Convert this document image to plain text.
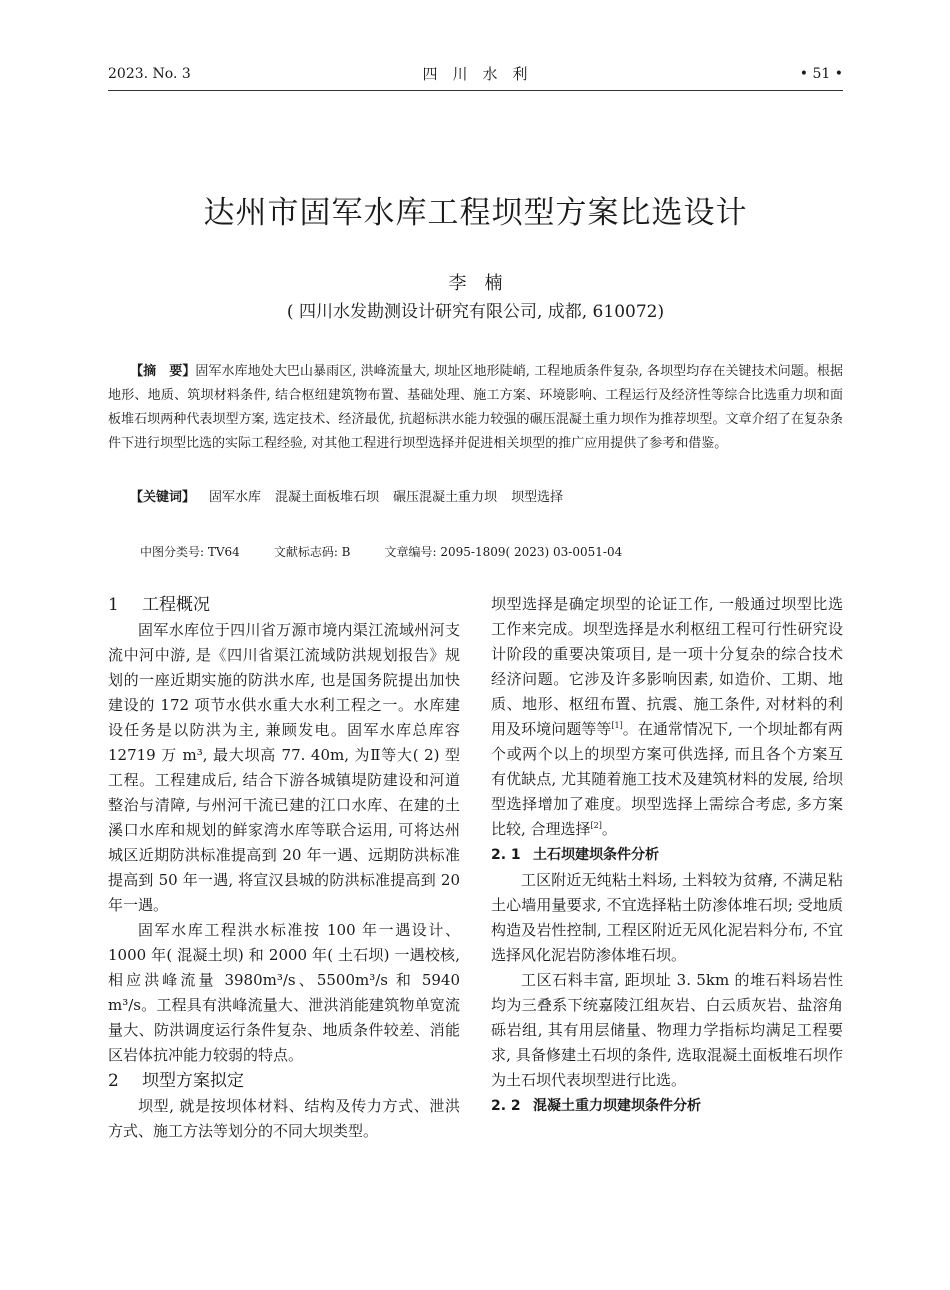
2023. No. 3	四　川　水　利	• 51 •
达州市固军水库工程坝型方案比选设计
李　楠
( 四川水发勘测设计研究有限公司, 成都, 610072)
【摘　要】固军水库地处大巴山暴雨区, 洪峰流量大, 坝址区地形陡峭, 工程地质条件复杂, 各坝型均存在关键技术问题。根据地形、地质、筑坝材料条件, 结合枢纽建筑物布置、基础处理、施工方案、环境影响、工程运行及经济性等综合比选重力坝和面板堆石坝两种代表坝型方案, 选定技术、经济最优, 抗超标洪水能力较强的碾压混凝土重力坝作为推荐坝型。文章介绍了在复杂条件下进行坝型比选的实际工程经验, 对其他工程进行坝型选择并促进相关坝型的推广应用提供了参考和借鉴。
【关键词】 固军水库 混凝土面板堆石坝 碾压混凝土重力坝 坝型选择
中图分类号: TV64	文献标志码: B	文章编号: 2095-1809( 2023) 03-0051-04
1 工程概况

固军水库位于四川省万源市境内渠江流域州河支流中河中游, 是《四川省渠江流域防洪规划报告》规划的一座近期实施的防洪水库, 也是国务院提出加快建设的 172 项节水供水重大水利工程之一。水库建设任务是以防洪为主, 兼顾发电。固军水库总库容 12719 万 m³, 最大坝高 77. 40m, 为Ⅱ等大( 2) 型工程。工程建成后, 结合下游各城镇堤防建设和河道整治与清障, 与州河干流已建的江口水库、在建的土溪口水库和规划的鲜家湾水库等联合运用, 可将达州城区近期防洪标准提高到 20 年一遇、远期防洪标准提高到 50 年一遇, 将宣汉县城的防洪标准提高到 20 年一遇。

固军水库工程洪水标准按 100 年一遇设计、1000 年( 混凝土坝) 和 2000 年( 土石坝) 一遇校核, 相应洪峰流量 3980m³/s、5500m³/s 和 5940 m³/s。工程具有洪峰流量大、泄洪消能建筑物单宽流量大、防洪调度运行条件复杂、地质条件较差、消能区岩体抗冲能力较弱的特点。

2 坝型方案拟定

坝型, 就是按坝体材料、结构及传力方式、泄洪方式、施工方法等划分的不同大坝类型。

坝型选择是确定坝型的论证工作, 一般通过坝型比选工作来完成。坝型选择是水利枢纽工程可行性研究设计阶段的重要决策项目, 是一项十分复杂的综合技术经济问题。它涉及许多影响因素, 如造价、工期、地质、地形、枢纽布置、抗震、施工条件, 对材料的利用及环境问题等等[1]。在通常情况下, 一个坝址都有两个或两个以上的坝型方案可供选择, 而且各个方案互有优缺点, 尤其随着施工技术及建筑材料的发展, 给坝型选择增加了难度。坝型选择上需综合考虑, 多方案比较, 合理选择[2]。

2. 1 土石坝建坝条件分析

工区附近无纯粘土料场, 土料较为贫瘠, 不满足粘土心墙用量要求, 不宜选择粘土防渗体堆石坝; 受地质构造及岩性控制, 工程区附近无风化泥岩料分布, 不宜选择风化泥岩防渗体堆石坝。

工区石料丰富, 距坝址 3. 5km 的堆石料场岩性均为三叠系下统嘉陵江组灰岩、白云质灰岩、盐溶角砾岩组, 其有用层储量、物理力学指标均满足工程要求, 具备修建土石坝的条件, 选取混凝土面板堆石坝作为土石坝代表坝型进行比选。

2. 2 混凝土重力坝建坝条件分析
